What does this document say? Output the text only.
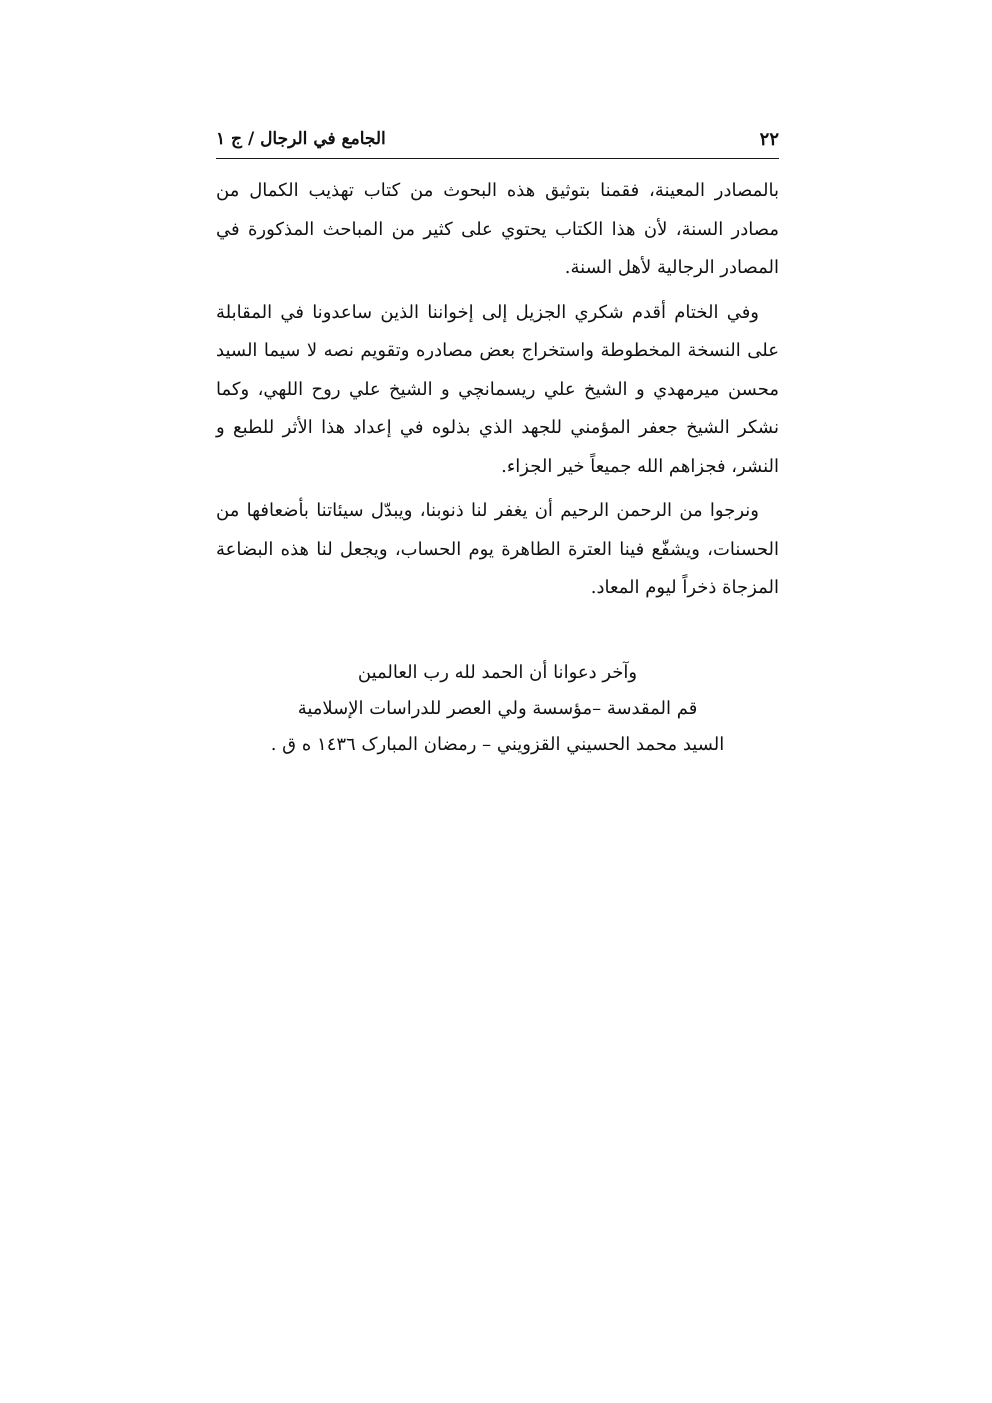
٢٢
الجامع في الرجال / ج ١

بالمصادر المعينة، فقمنا بتوثيق هذه البحوث من كتاب تهذيب الكمال من مصادر السنة، لأن هذا الكتاب يحتوي على كثير من المباحث المذكورة في المصادر الرجالية لأهل السنة.

وفي الختام أقدم شكري الجزيل إلى إخواننا الذين ساعدونا في المقابلة على النسخة المخطوطة واستخراج بعض مصادره وتقويم نصه لا سيما السيد محسن ميرمهدي و الشيخ علي ريسمانچي و الشيخ علي روح اللهي، وكما نشكر الشيخ جعفر المؤمني للجهد الذي بذلوه في إعداد هذا الأثر للطبع و النشر، فجزاهم الله جميعاً خير الجزاء.

ونرجوا من الرحمن الرحيم أن يغفر لنا ذنوبنا، ويبدّل سيئاتنا بأضعافها من الحسنات، ويشفّع فينا العترة الطاهرة يوم الحساب، ويجعل لنا هذه البضاعة المزجاة ذخراً ليوم المعاد.

وآخر دعوانا أن الحمد لله رب العالمين
قم المقدسة –مؤسسة ولي العصر للدراسات الإسلامية
السيد محمد الحسيني القزويني – رمضان المبارک ١٤٣٦ ه ق .
